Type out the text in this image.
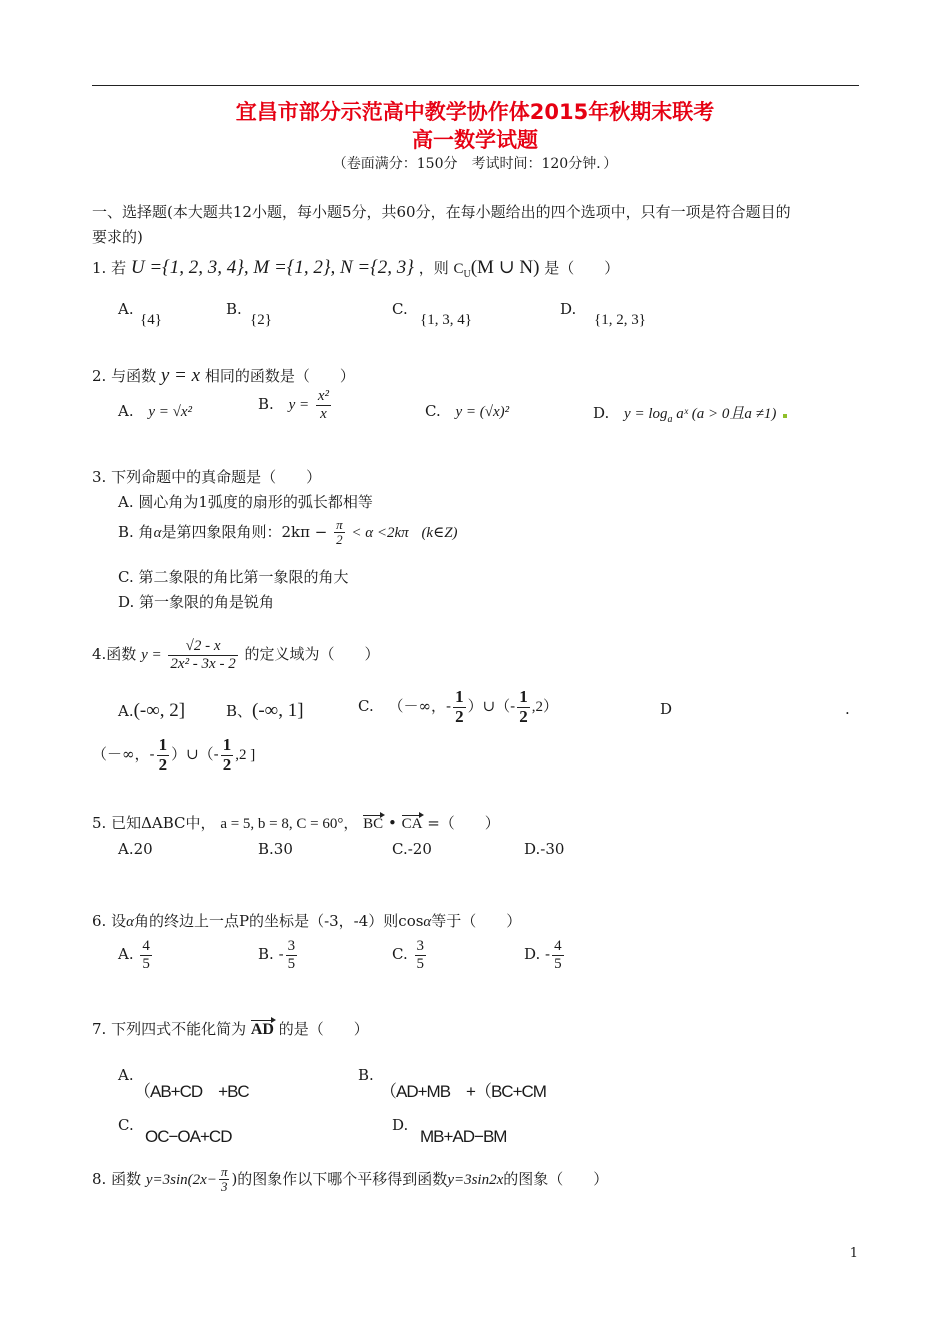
宜昌市部分示范高中教学协作体2015年秋期末联考
高一数学试题
（卷面满分：150分　考试时间：120分钟．）
一、选择题(本大题共12小题，每小题5分，共60分，在每小题给出的四个选项中，只有一项是符合题目的
要求的)
1. 若 U ={1, 2, 3, 4}, M ={1, 2}, N ={2, 3} ，则 $C_U(M$ ∪ N) 是（　　）
A.
{4}
B.
{2}
C.
{1, 3, 4}
D.
{1, 2, 3}
2. 与函数 y = x 相同的函数是（　　）
A. y = √x²	B. $y = \frac{\text{x²}}{x}$	C. y = (√x)²	D. $y = \log_a$ aˣ (a > 0且a ≠1)
3. 下列命题中的真命题是（　　）
A. 圆心角为1弧度的扇形的弧长都相等
B. 角α是第四象限角则：$2k\pi - \frac{\pi}{2} < \alpha <2k\pi$ (k∈Z)
C. 第二象限的角比第一象限的角大
D. 第一象限的角是锐角
4.函数 $y = \frac{√2 - x}{\text{2x² - 3x - 2}}$ 的定义域为（　　）
A.(-∞, 2]	B、(-∞, 1]	C. （－∞，- $\frac{1}{2}$ ）∪（- $\frac{1}{2} ,2$）	D	.
（－∞，- $\frac{1}{2}$ ）∪（- $\frac{1}{2} ,2$ ]
5. 已知ΔABC中， a = 5, b = 8, C = 60°， BC • CA =（　　）
A.20	B.30	C.-20	D.-30
6. 设α角的终边上一点P的坐标是（-3，-4）则cosα等于（　　）
A. $\frac{4}{5}$	B. - $\frac{3}{5}$	C. $\frac{3}{5}$	D. - $\frac{4}{5}$
7. 下列四式不能化简为 AD 的是（　　）
A.
（AB+CD　+BC
B.
（AD+MB　+（BC+CM
C.
OC−OA+CD
D.
MB+AD−BM
8. 函数 $y=3\sin(2x- \frac{\pi}{3}$ )的图象作以下哪个平移得到函数y=3sin2x的图象（　　）
1
